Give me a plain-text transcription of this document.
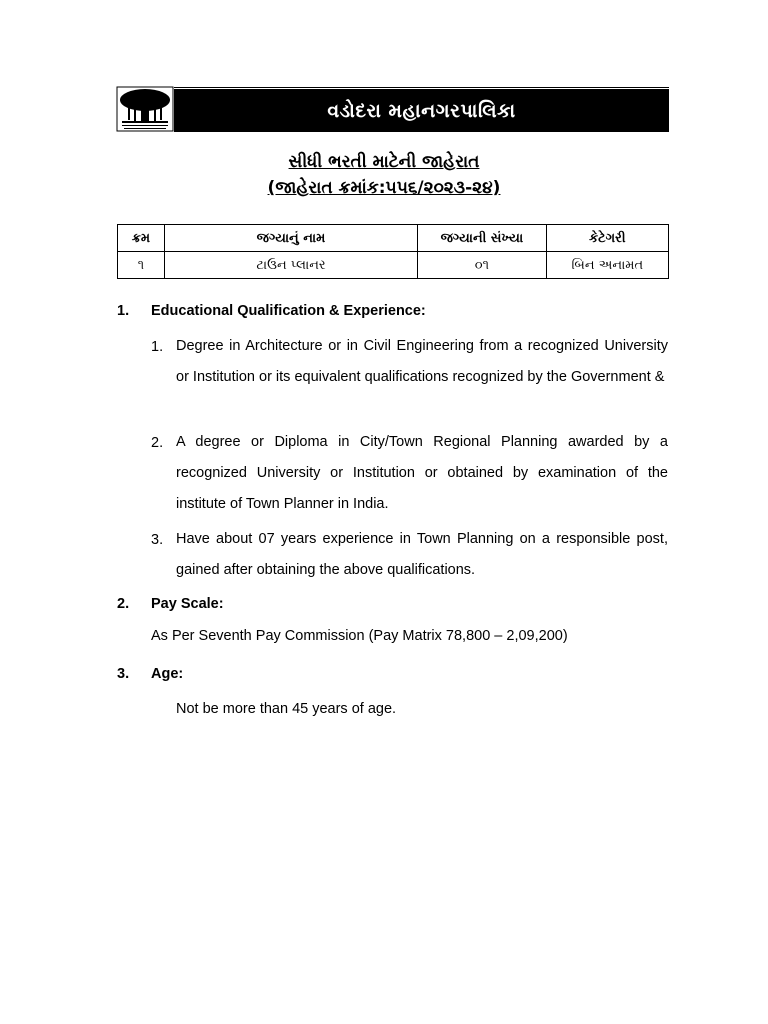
વડોદરા મહાનગરપાલિકા
સીધી ભરતી માટેની જાહેરાત
(જાહેરાત ક્રમાંક:૫૫૬/૨૦૨૩-૨૪)
ક્રમ	જગ્યાનું નામ	જગ્યાની સંખ્યા	કેટેગરી
૧	ટાઉન પ્લાનર	૦૧	બિન અનામત
1. Educational Qualification & Experience:
1. Degree in Architecture or in Civil Engineering from a recognized University or Institution or its equivalent qualifications recognized by the Government &
2. A degree or Diploma in City/Town Regional Planning awarded by a recognized University or Institution or obtained by examination of the institute of Town Planner in India.
3. Have about 07 years experience in Town Planning on a responsible post, gained after obtaining the above qualifications.
2. Pay Scale:
As Per Seventh Pay Commission (Pay Matrix 78,800 – 2,09,200)
3. Age:
Not be more than 45 years of age.
